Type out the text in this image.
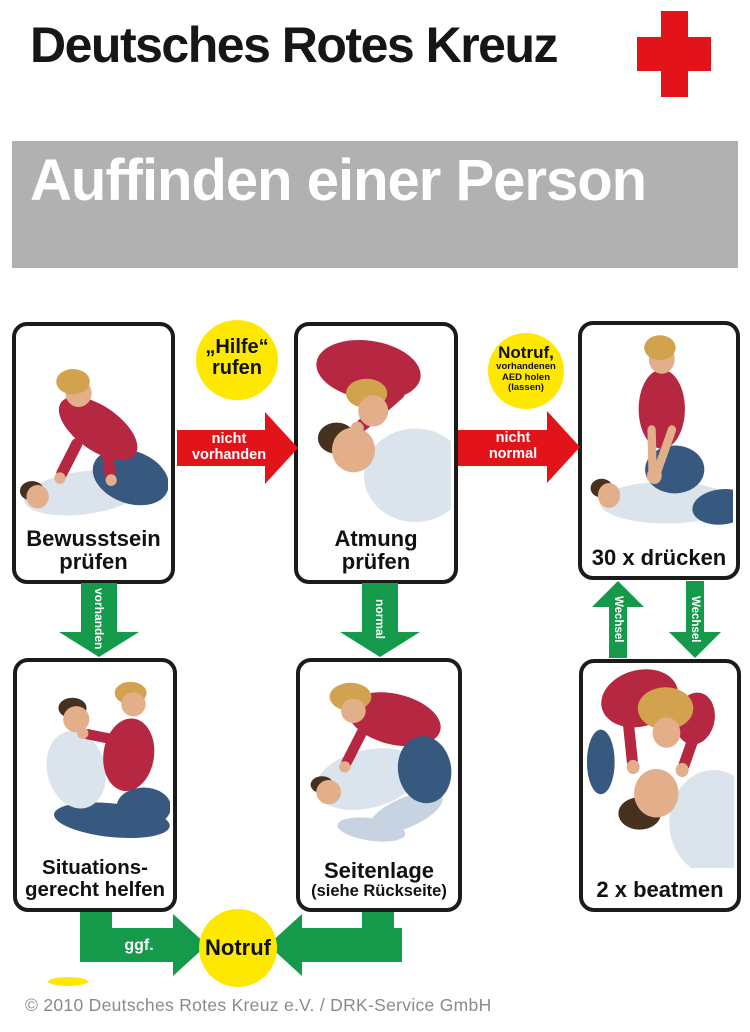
Deutsches Rotes Kreuz
Auffinden einer Person
Bewusstsein
prüfen
Atmung
prüfen	30 x drücken
Situations-
gerecht helfen
Seitenlage
(siehe Rückseite)	2 x beatmen
„Hilfe“
rufen
Notruf,
vorhandenen
AED holen
(lassen)
nicht
vorhanden
nicht
normal
vorhanden	normal	Wechsel	Wechsel
ggf.	Notruf
© 2010 Deutsches Rotes Kreuz e.V. / DRK-Service GmbH
